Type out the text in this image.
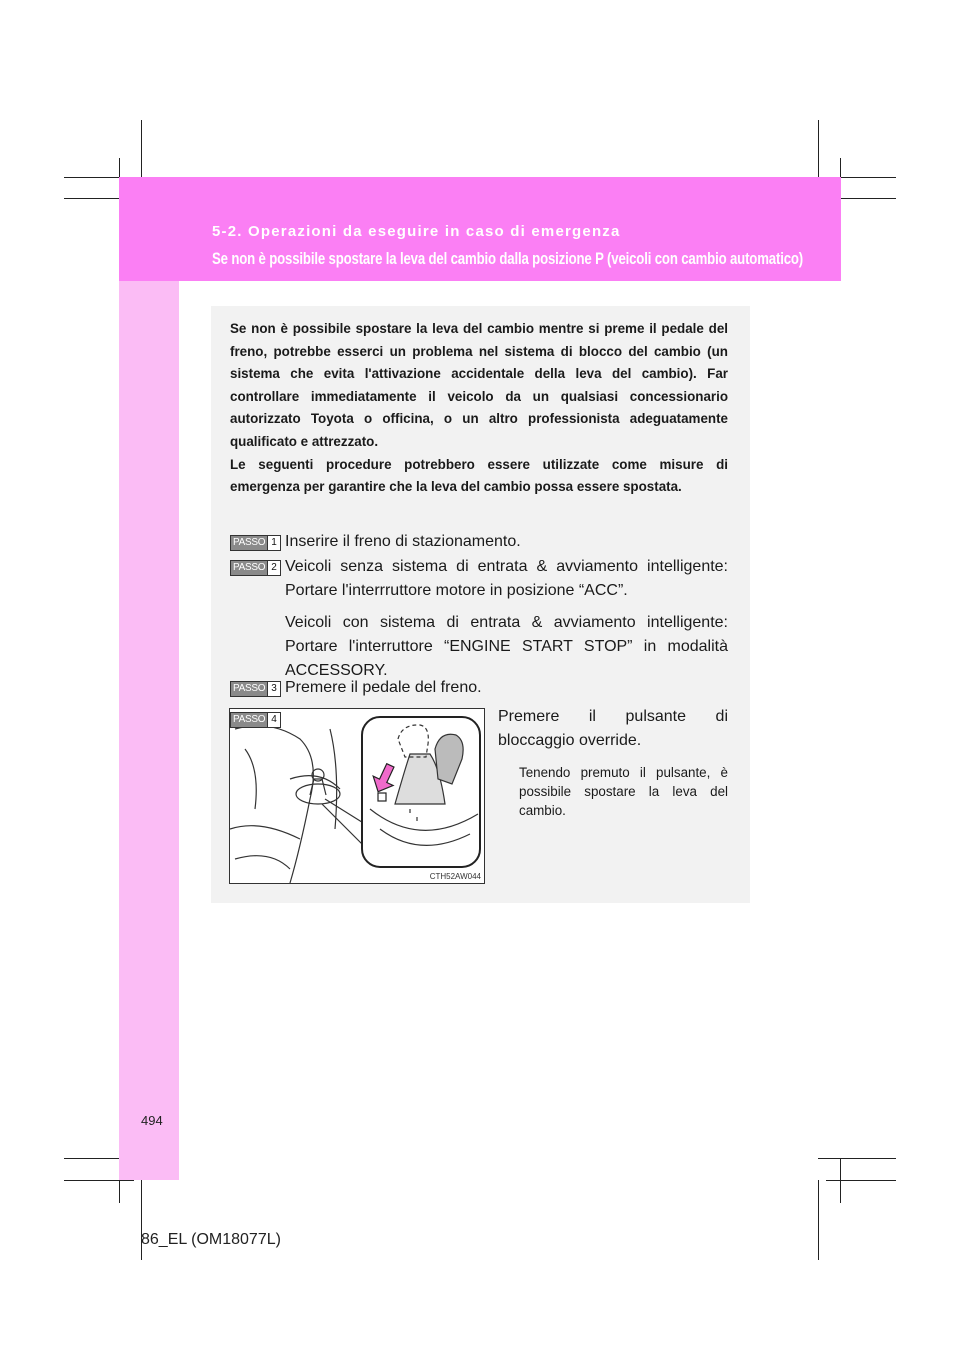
5-2. Operazioni da eseguire in caso di emergenza
Se non è possibile spostare la leva del cambio dalla posizione P (veicoli con cambio automatico)

Se non è possibile spostare la leva del cambio mentre si preme il pedale del freno, potrebbe esserci un problema nel sistema di blocco del cambio (un sistema che evita l'attivazione accidentale della leva del cambio). Far controllare immediatamente il veicolo da un qualsiasi concessionario autorizzato Toyota o officina, o un altro professionista adeguatamente qualificato e attrezzato.

Le seguenti procedure potrebbero essere utilizzate come misure di emergenza per garantire che la leva del cambio possa essere spostata.

PASSO 1 Inserire il freno di stazionamento.

PASSO 2 Veicoli senza sistema di entrata & avviamento intelligente: Portare l'interrruttore motore in posizione “ACC”.

Veicoli con sistema di entrata & avviamento intelligente: Portare l'interruttore “ENGINE START STOP” in modalità ACCESSORY.

PASSO 3 Premere il pedale del freno.

CTH52AW044
PASSO 4	Premere il pulsante di bloccaggio override.

Tenendo premuto il pulsante, è possibile spostare la leva del cambio.

494
86_EL (OM18077L)
